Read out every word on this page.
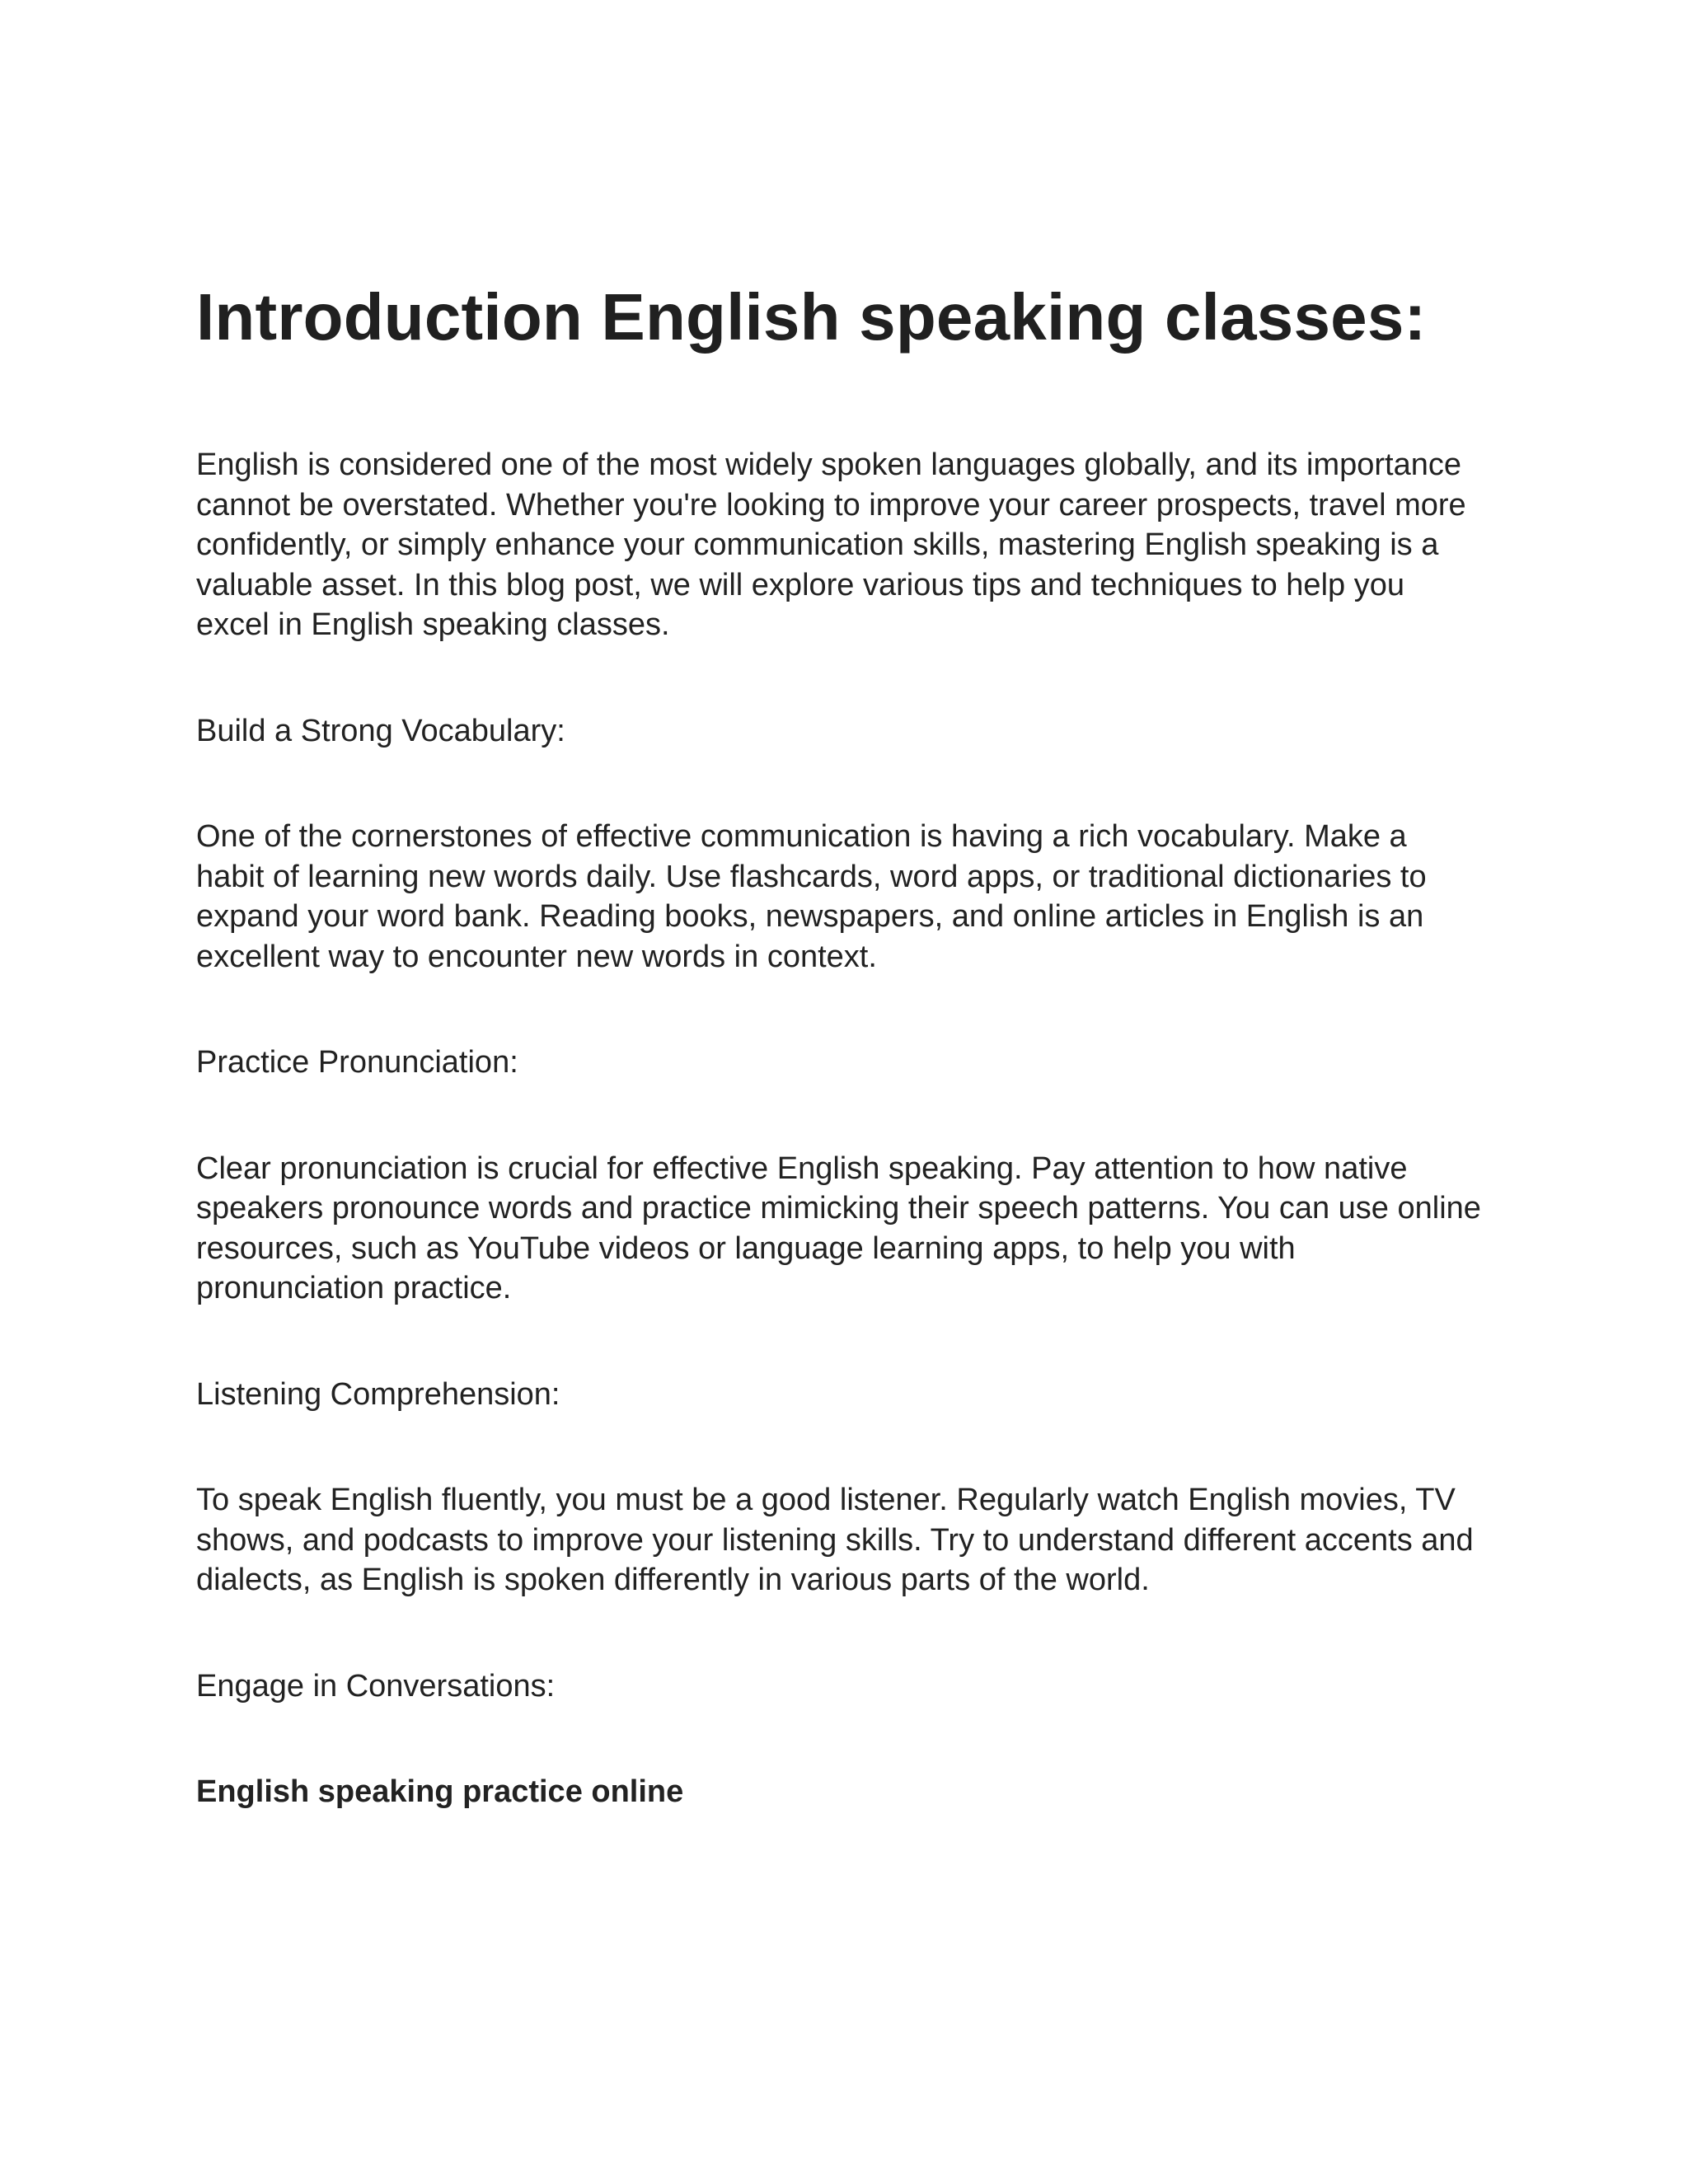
Introduction English speaking classes:

English is considered one of the most widely spoken languages globally, and its importance cannot be overstated. Whether you're looking to improve your career prospects, travel more confidently, or simply enhance your communication skills, mastering English speaking is a valuable asset. In this blog post, we will explore various tips and techniques to help you excel in English speaking classes.

Build a Strong Vocabulary:

One of the cornerstones of effective communication is having a rich vocabulary. Make a habit of learning new words daily. Use flashcards, word apps, or traditional dictionaries to expand your word bank. Reading books, newspapers, and online articles in English is an excellent way to encounter new words in context.

Practice Pronunciation:

Clear pronunciation is crucial for effective English speaking. Pay attention to how native speakers pronounce words and practice mimicking their speech patterns. You can use online resources, such as YouTube videos or language learning apps, to help you with pronunciation practice.

Listening Comprehension:

To speak English fluently, you must be a good listener. Regularly watch English movies, TV shows, and podcasts to improve your listening skills. Try to understand different accents and dialects, as English is spoken differently in various parts of the world.

Engage in Conversations:

English speaking practice online
